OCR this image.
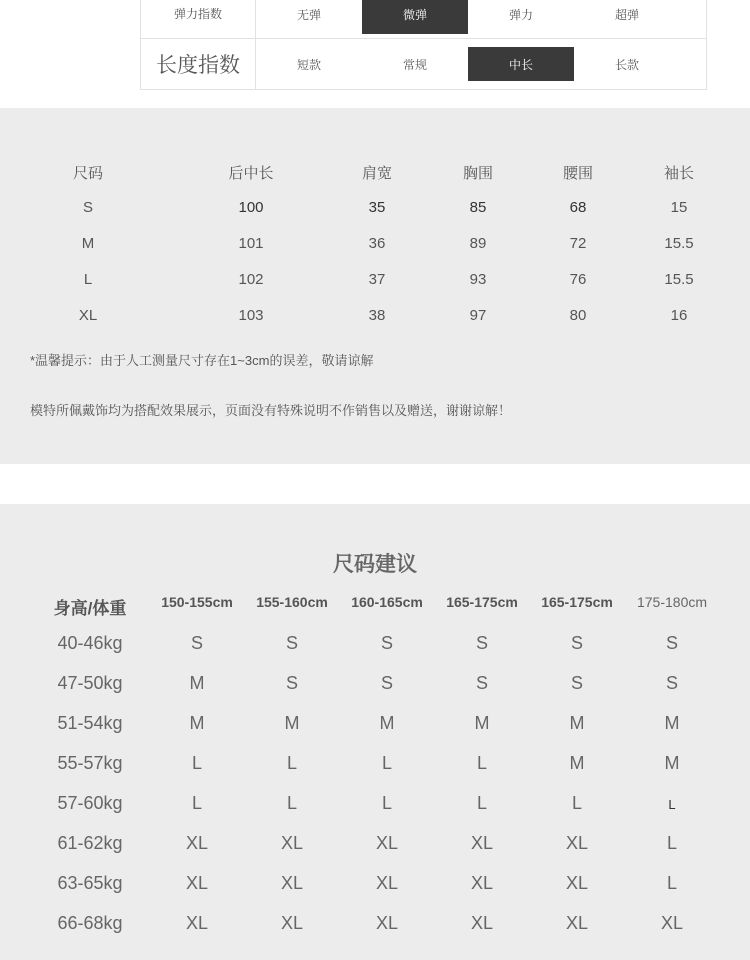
弹力指数	无弹	微弹	弹力	超弹
长度指数	短款	常规	中长	长款
尺码	后中长	肩宽	胸围	腰围	袖长
S	100	35	85	68	15
M	101	36	89	72	15.5
L	102	37	93	76	15.5
XL	103	38	97	80	16
*温馨提示：由于人工测量尺寸存在1~3cm的误差，敬请谅解
模特所佩戴饰均为搭配效果展示，页面没有特殊说明不作销售以及赠送，谢谢谅解！
尺码建议
身高/体重 150-155cm 155-160cm 160-165cm 165-175cm 165-175cm 175-180cm
40-46kg	S	S	S	S	S	S
47-50kg	M	S	S	S	S	S
51-54kg	M	M	M	M	M	M
55-57kg	L	L	L	L	M	M
57-60kg	L	L	L	L	L	L
61-62kg	XL	XL	XL	XL	XL	L
63-65kg	XL	XL	XL	XL	XL	L
66-68kg	XL	XL	XL	XL	XL	XL
